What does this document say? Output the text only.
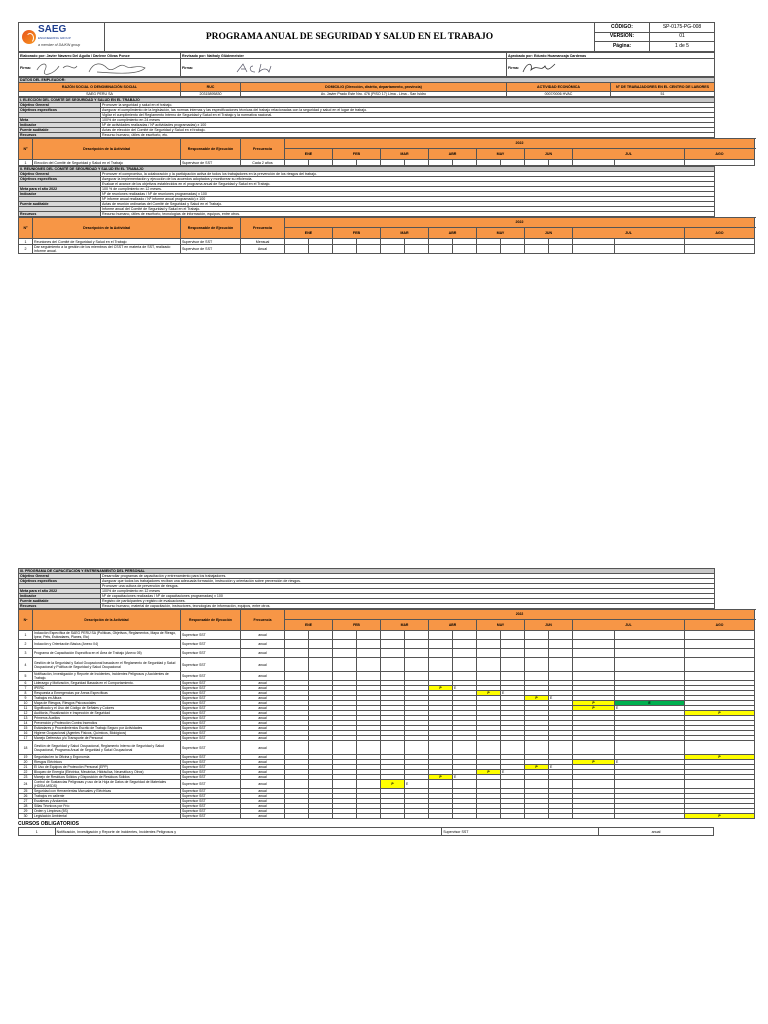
SAEG
ENGINEERING GROUP
a member of DAIKIN group	PROGRAMA ANUAL DE SEGURIDAD Y SALUD EN EL TRABAJO	CÓDIGO:	SP-0175-PG-008
		VERSIÓN:	01
		Página:	1 de 5
Elaborado por: Javier Navarro Del Aguila / Darlene Olivas Ponce	Revisado por: Nathaly Glüdemeister	Aprobado por: Edurdo Huamancaja Cardenas
Firma:	Firma:	Firma:
DATOS DEL EMPLEADOR:				
RAZÓN SOCIAL O DENOMINACIÓN SOCIAL	RUC	DOMICILIO (Dirección, distrito, departamento, provincia)	ACTIVIDAD ECONÓMICA	Nº DE TRABAJADORES EN EL CENTRO DE LABORES
SAEG PERU SA	20315895830	Av. Javier Prado Este Nro. 476 (PISO 17) Lima - Lima - San Isidro	0007/0006 HVAC	51
I. ELECCIÓN DEL COMITÉ DE SEGURIDAD Y SALUD EN EL TRABAJO	
Objetivo General	Promover la seguridad y salud en el trabajo.
Objetivos específicos	Asegurar el cumplimiento de la legislación, las normas internas y las especificaciones técnicas del trabajo relacionadas con la seguridad y salud en el lugar de trabajo.
	Vigilar el cumplimiento del Reglamento Interno de Seguridad y Salud en el Trabajo y la normativa nacional.
Meta	100% de cumplimiento en 24 meses
Indicador	Nº de actividades realizadas / Nº actividades programadas) x 100
Fuente auditable	Actas de elección del Comité de Seguridad y Salud en el trabajo.
Recursos	Recurso humano, útiles de escritorio, etc.
Nº	Descripción de la Actividad	Responsable de Ejecución	Frecuencia	2022			
				ENE		FEB		MAR		ABR		MAY		JUN		JUL		AGO				
1	Elección del Comité de Seguridad y Salud en el Trabajo	Supervisor de SST	Cada 2 años																											
II. REUNIONES DEL COMITÉ DE SEGURIDAD Y SALUD EN EL TRABAJO	
Objetivo General	Promover el compromiso, la colaboración y la participación activa de todos los trabajadores en la prevención de los riesgos del trabajo.
Objetivos específicos	Asegurar la implementación y ejecución de los acuerdos adoptados y monitorear su eficiencia.
	Evaluar el avance de los objetivos establecidos en el programa anual de Seguridad y Salud en el Trabajo.
Meta para el año 2022	100 % de cumplimiento en 12 meses.
Indicador	Nº de reuniones realizadas / Nº de reuniones programadas) x 100
	Nº informe anual realizado / Nº informe anual programado) x 100
Fuente auditable	Actas de reunión ordinarias del Comité de Seguridad y Salud en el Trabajo.
	Informe anual del Comité de Seguridad y Salud en el Trabajo.
Recursos	Recurso humano, útiles de escritorio, tecnologías de información, equipos, entre otros.
Nº	Descripción de la Actividad	Responsable de Ejecución	Frecuencia	2022			
				ENE		FEB		MAR		ABR		MAY		JUN		JUL		AGO				
1	Reuniones del Comité de Seguridad y Salud en el Trabajo	Supervisor de SST	Mensual																											
2	Dar seguimiento a la gestión de los miembros del CSST en materia de SST, realizado informe anual.	Supervisor de SST	Anual																											
III. PROGRAMA DE CAPACITACIÓN Y ENTRENAMIENTO DEL PERSONAL	
Objetivo General	Desarrollar programas de capacitación y entrenamiento para los trabajadores.
Objetivos específicos	Asegurar que todos los trabajadores reciban una adecuada formación, instrucción y orientación sobre prevención de riesgos.
	Promover una cultura de prevención de riesgos.
Meta para el año 2022	100% de cumplimiento en 12 meses
Indicador	Nº de capacitaciones realizadas / Nº de capacitaciones programadas) x 100
Fuente auditable	Registro de participantes y registro de evaluaciones.
Recursos	Recurso humano, material de capacitación, instructores, tecnologías de información, equipos, entre otros.
Nº	Descripción de la Actividad	Responsable de Ejecución	Frecuencia	2022			
				ENE		FEB		MAR		ABR		MAY		JUN		JUL		AGO				
1	Inducción Específica de SAEG PERÚ SA (Políticas, Objetivos, Reglamentos, Mapa de Riesgo, Ipecr, Pets, Estándares, Planes, Etc)	Supervisor SST	anual																											
2	Inducción y Orientación Básica (Anexo 04)	Supervisor SST	anual																											
3	Programa de Capacitación Específica en el Área de Trabajo (Anexo 05)	Supervisor SST	anual																											
4	Gestión de la Seguridad y Salud Ocupacional basada en el Reglamento de Seguridad y Salud Ocupacional y Política de Seguridad y Salud Ocupacional	Supervisor SST	anual																											
5	Notificación, Investigación y Reporte de Incidentes, Incidentes Peligrosos y Accidentes de Trabajo.	Supervisor SST	anual																											
6	Liderazgo y Motivación, Seguridad Basada en el Comportamiento.	Supervisor SST	anual																											
7	IPERC	Supervisor SST	anual							P	E																			
8	Respuesta a Emergencias por Áreas Específicas	Supervisor SST	anual									P	E																	
9	Trabajos en Altura	Supervisor SST	anual											P	E															
10	Mapa de Riesgos, Riesgos Psicosociales	Supervisor SST	anual													P	E													
11	Significado y el Uso del Código de Señales y Colores	Supervisor SST	anual													P	E													
12	Auditoría, Fiscalización e Inspección de Seguridad	Supervisor SST	anual															P												
13	Primeros Auxilios	Supervisor SST	anual																											
14	Prevención y Protección Contra Incendios	Supervisor SST	anual																											
15	Estándares y Procedimientos Escrito de Trabajo Seguro por Actividades	Supervisor SST	anual																											
16	Higiene Ocupacional (Agentes Físicos, Químicos, Biológicos)	Supervisor SST	anual																											
17	Manejo Defensivo y/o Transporte de Personal	Supervisor SST	anual																											
18	Gestión de Seguridad y Salud Ocupacional, Reglamento Interno de Seguridad y Salud Ocupacional, Programa Anual de Seguridad y Salud Ocupacional	Supervisor SST	anual																											
19	Seguridad en la Oficina y Ergonomía	Supervisor SST	anual															P												
20	Riesgos Eléctricos	Supervisor SST	anual													P	E													
21	El Uso de Equipos de Protección Personal (EPP)	Supervisor SST	anual											P	E															
22	Bloqueo de Energía (Eléctrica, Mecánica, Hidráulica, Neumática y Otros)	Supervisor SST	anual									P	E																	
23	Manejo de Residuos Sólidos y Disposición de Residuos Sólidos	Supervisor SST	anual							P	E																			
24	Control de Sustancias Peligrosas y uso de la Hoja de Datos de Seguridad de Materiales (HDSM-MSDS)	Supervisor SST	anual					P	E																					
25	Seguridad con Herramientas Manuales y Eléctricas	Supervisor SST	anual																											
26	Trabajos en caliente	Supervisor SST	anual																											
27	Escaleras y Andamios	Supervisor SST	anual																											
28	Sillas Técnicos por Frío	Supervisor SST	anual																											
29	Orden y Limpieza (5S)	Supervisor SST	anual																											
30	Legislación Ambiental	Supervisor SST	anual															P												
CURSOS OBLIGATORIOS
1	Notificación, Investigación y Reporte de Incidentes, Incidentes Peligrosos y	Supervisor SST	anual
